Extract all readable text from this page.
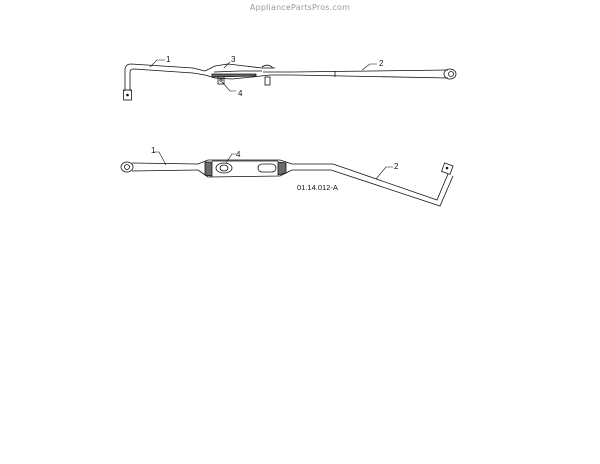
AppliancePartsPros.com
1	2
3
4
1	4
2
01.14.012-A
